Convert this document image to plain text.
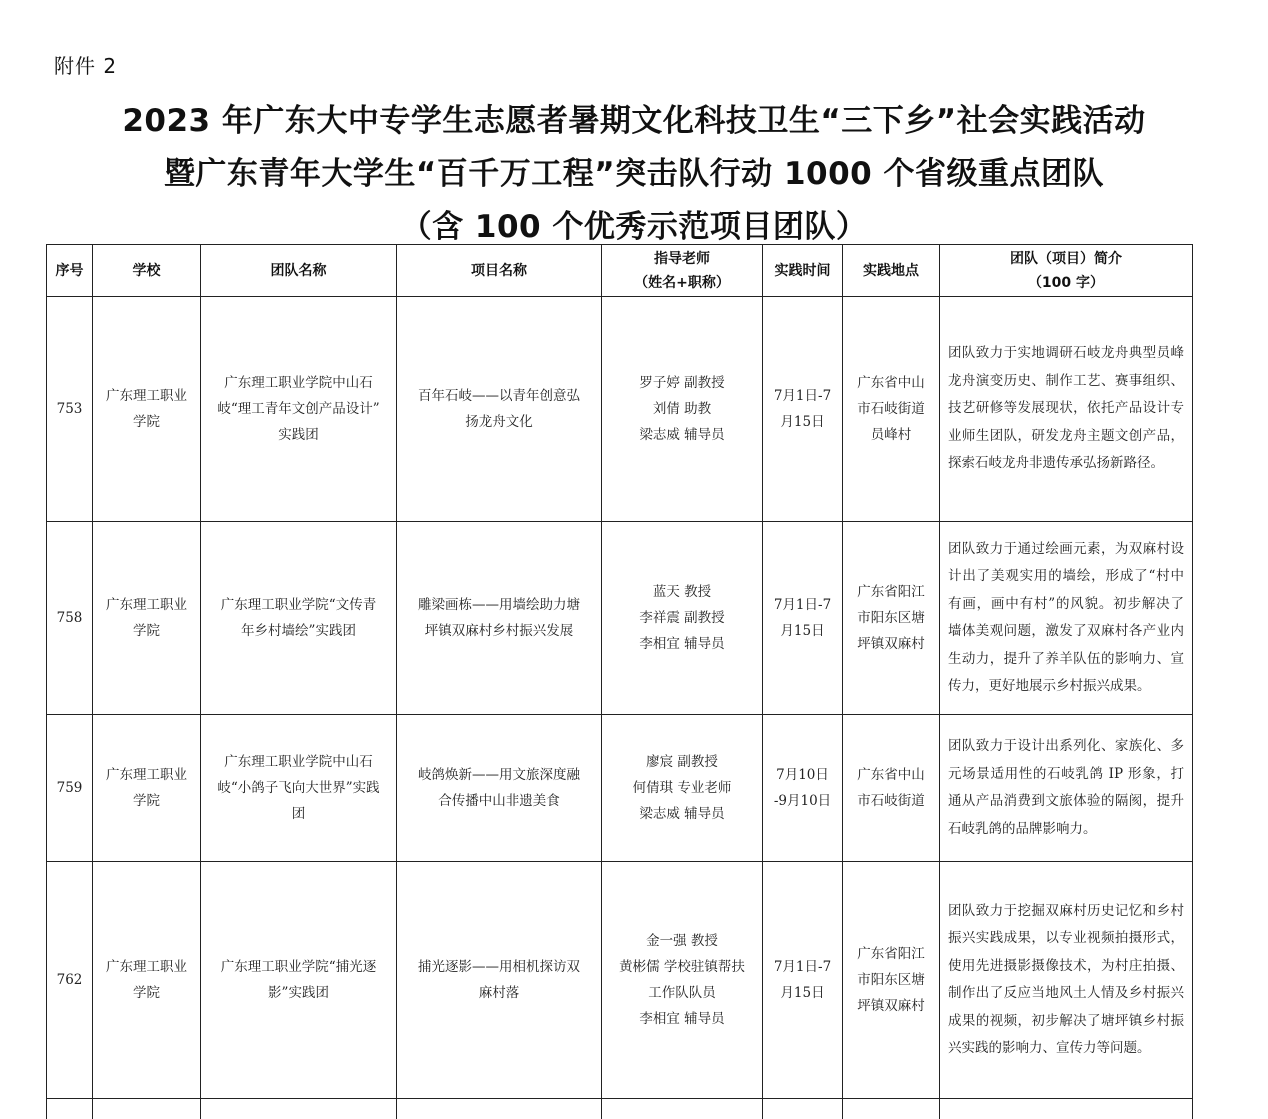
附件 2
2023 年广东大中专学生志愿者暑期文化科技卫生“三下乡”社会实践活动
暨广东青年大学生“百千万工程”突击队行动 1000 个省级重点团队
（含 100 个优秀示范项目团队）
序号	学校	团队名称	项目名称	指导老师
（姓名+职称）	实践时间	实践地点	团队（项目）简介
（100 字）

753	广东理工职业
学院	广东理工职业学院中山石
岐“理工青年文创产品设计”
实践团	百年石岐——以青年创意弘
扬龙舟文化	罗子婷 副教授
刘倩 助教
梁志威 辅导员	7月1日-7
月15日	广东省中山
市石岐街道
员峰村	团队致力于实地调研石岐龙舟典型员峰龙舟演变历史、制作工艺、赛事组织、技艺研修等发展现状，依托产品设计专业师生团队，研发龙舟主题文创产品，探索石岐龙舟非遗传承弘扬新路径。
758	广东理工职业
学院	广东理工职业学院“文传青
年乡村墙绘”实践团	雕梁画栋——用墙绘助力塘
坪镇双麻村乡村振兴发展	蓝天 教授
李祥震 副教授
李相宜 辅导员	7月1日-7
月15日	广东省阳江
市阳东区塘
坪镇双麻村	团队致力于通过绘画元素，为双麻村设计出了美观实用的墙绘，形成了“村中有画，画中有村”的风貌。初步解决了墙体美观问题，激发了双麻村各产业内生动力，提升了养羊队伍的影响力、宣传力，更好地展示乡村振兴成果。
759	广东理工职业
学院	广东理工职业学院中山石
岐“小鸽子飞向大世界”实践
团	岐鸽焕新——用文旅深度融
合传播中山非遗美食	廖宸 副教授
何倩琪 专业老师
梁志威 辅导员	7月10日
-9月10日	广东省中山
市石岐街道	团队致力于设计出系列化、家族化、多元场景适用性的石岐乳鸽 IP 形象，打通从产品消费到文旅体验的隔阂，提升石岐乳鸽的品牌影响力。
762	广东理工职业
学院	广东理工职业学院“捕光逐
影”实践团	捕光逐影——用相机探访双
麻村落	金一强 教授
黄彬儒 学校驻镇帮扶
工作队队员
李相宜 辅导员	7月1日-7
月15日	广东省阳江
市阳东区塘
坪镇双麻村	团队致力于挖掘双麻村历史记忆和乡村振兴实践成果，以专业视频拍摄形式，使用先进摄影摄像技术，为村庄拍摄、制作出了反应当地风土人情及乡村振兴成果的视频，初步解决了塘坪镇乡村振兴实践的影响力、宣传力等问题。
